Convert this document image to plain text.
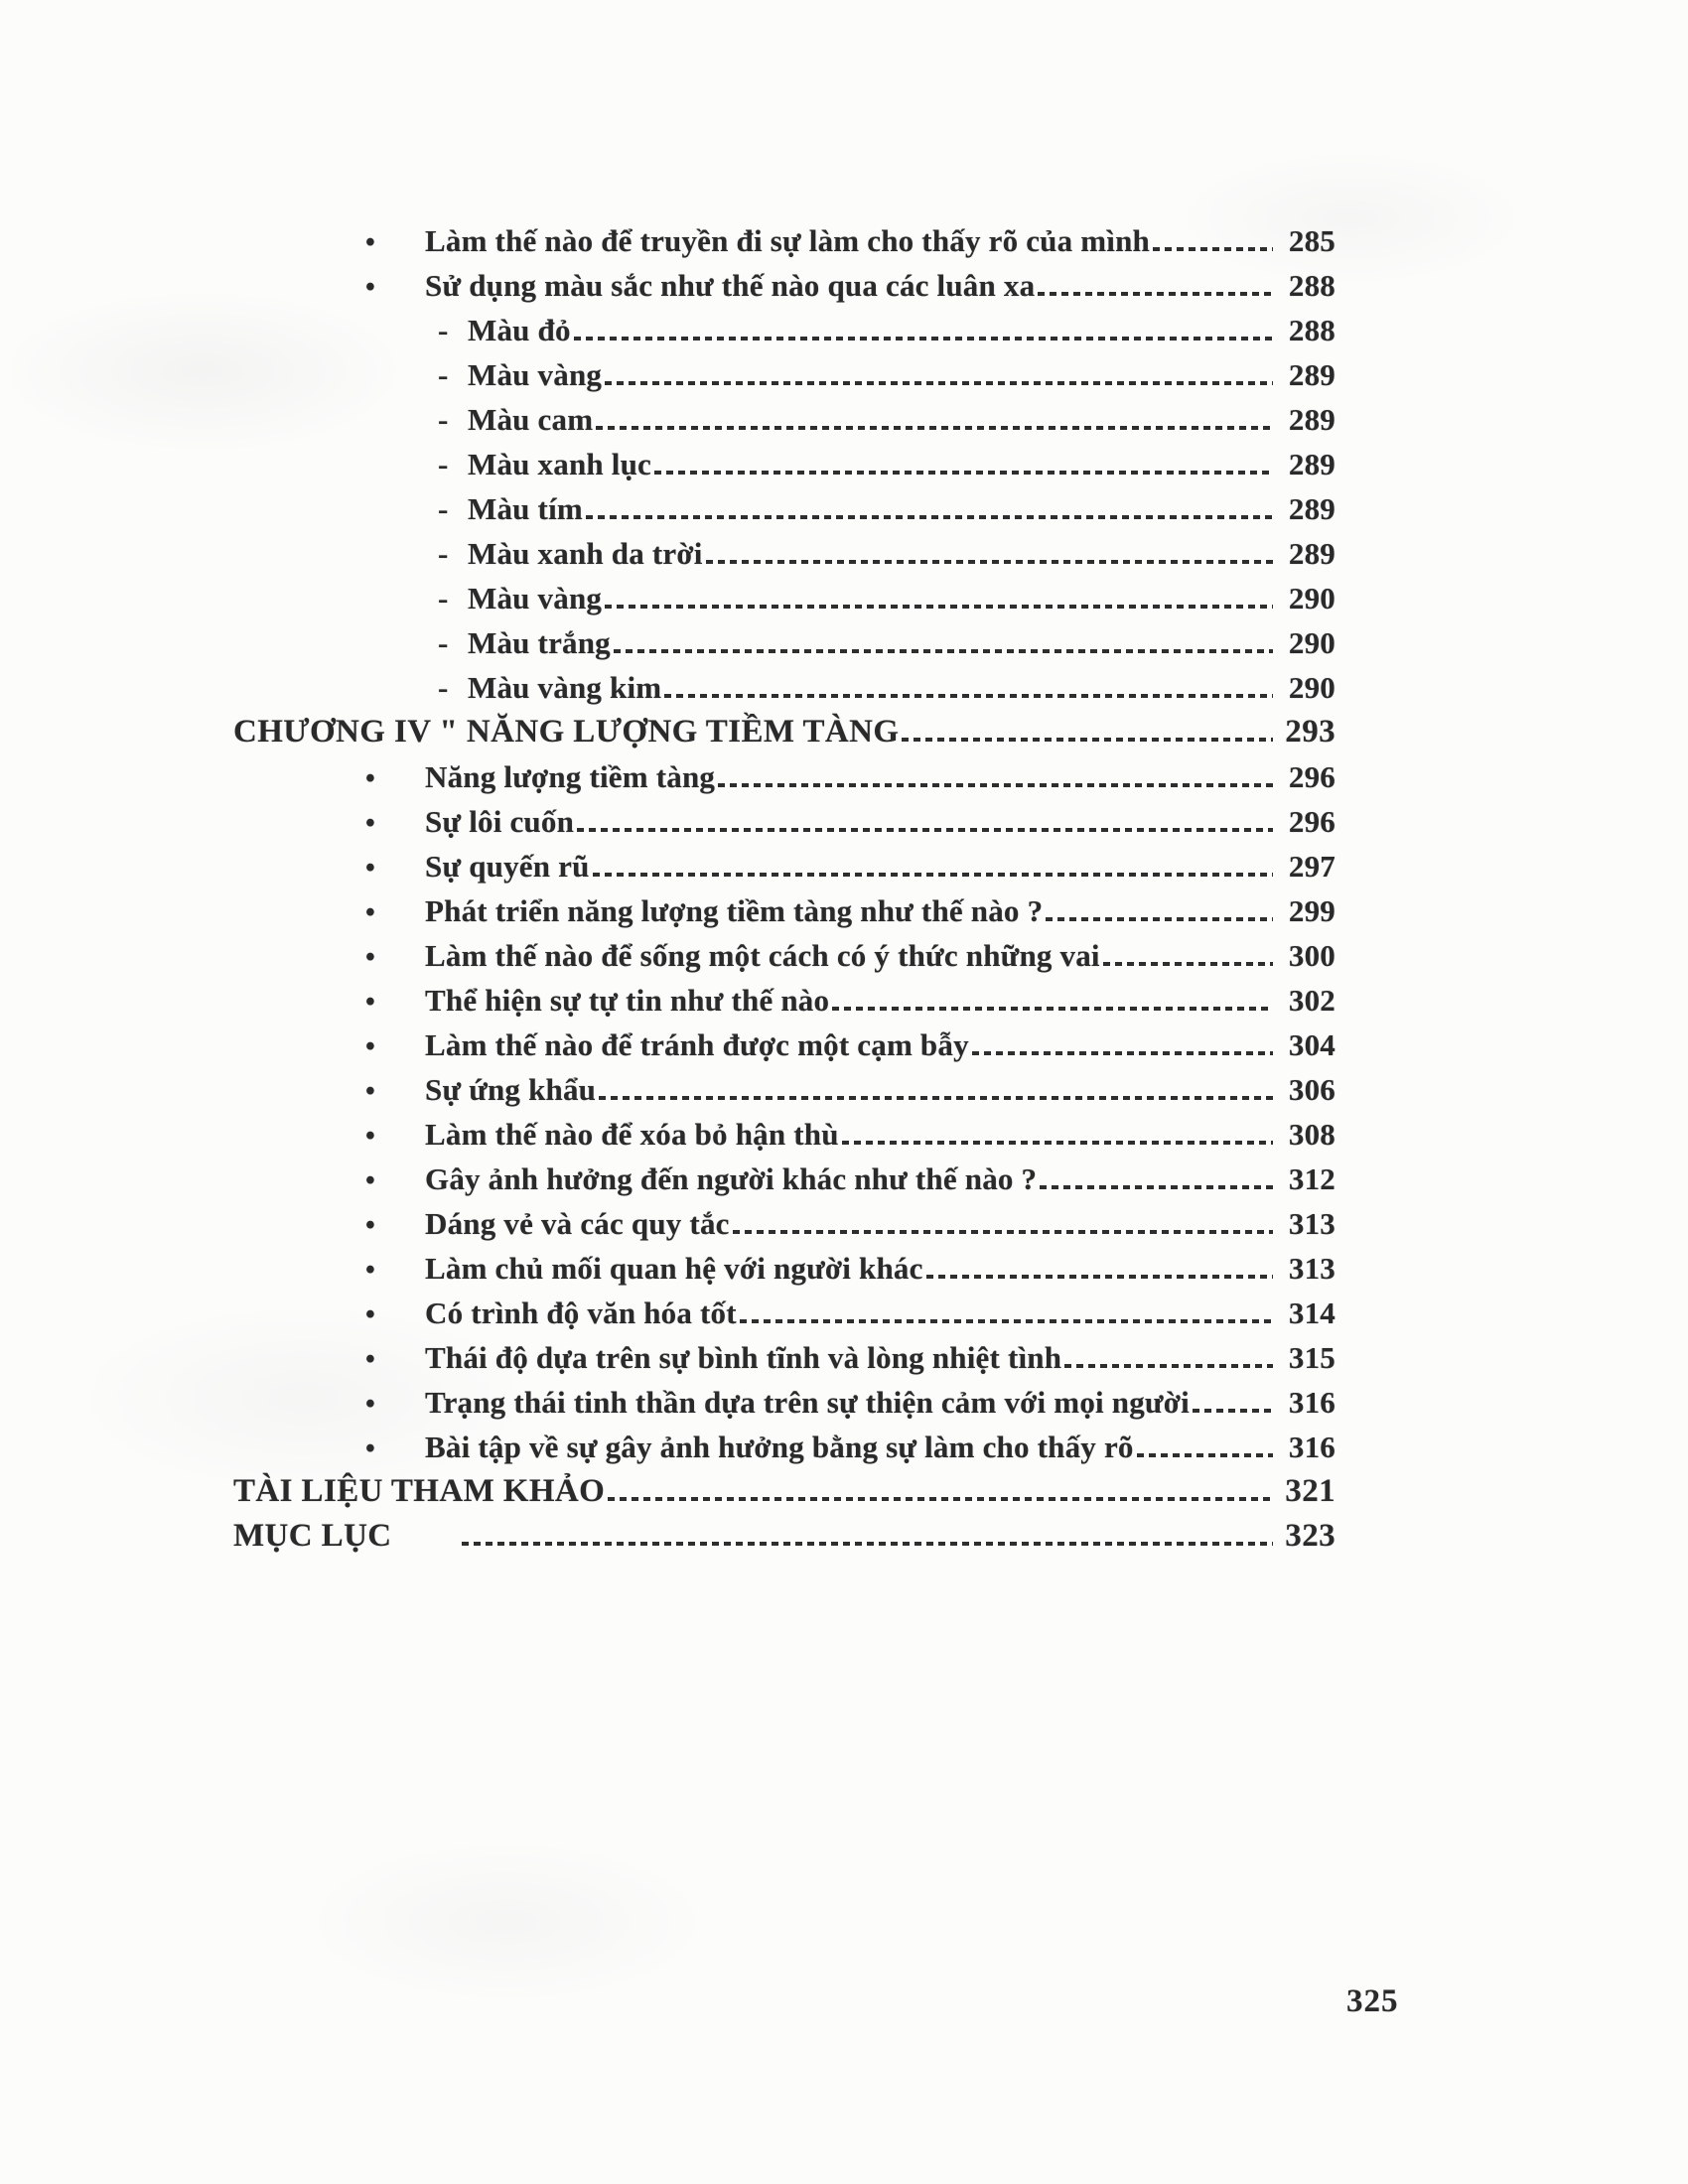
•	Làm thế nào để truyền đi sự làm cho thấy rõ của mình	285
•	Sử dụng màu sắc như thế nào qua các luân xa	288
- Màu đỏ	288
- Màu vàng	289
- Màu cam	289
- Màu xanh lục	289
- Màu tím	289
- Màu xanh da trời	289
- Màu vàng	290
- Màu trắng	290
- Màu vàng kim	290
CHƯƠNG IV " NĂNG LƯỢNG TIỀM TÀNG	293
•	Năng lượng tiềm tàng	296
•	Sự lôi cuốn	296
•	Sự quyến rũ	297
•	Phát triển năng lượng tiềm tàng như thế nào ?	299
•	Làm thế nào để sống một cách có ý thức những vai	300
•	Thể hiện sự tự tin như thế nào	302
•	Làm thế nào để tránh được một cạm bẫy	304
•	Sự ứng khẩu	306
•	Làm thế nào để xóa bỏ hận thù	308
•	Gây ảnh hưởng đến người khác như thế nào ?	312
•	Dáng vẻ và các quy tắc	313
•	Làm chủ mối quan hệ với người khác	313
•	Có trình độ văn hóa tốt	314
•	Thái độ dựa trên sự bình tĩnh và lòng nhiệt tình	315
•	Trạng thái tinh thần dựa trên sự thiện cảm với mọi người	316
•	Bài tập về sự gây ảnh hưởng bằng sự làm cho thấy rõ	316
TÀI LIỆU THAM KHẢO	321
MỤC LỤC	323
325
